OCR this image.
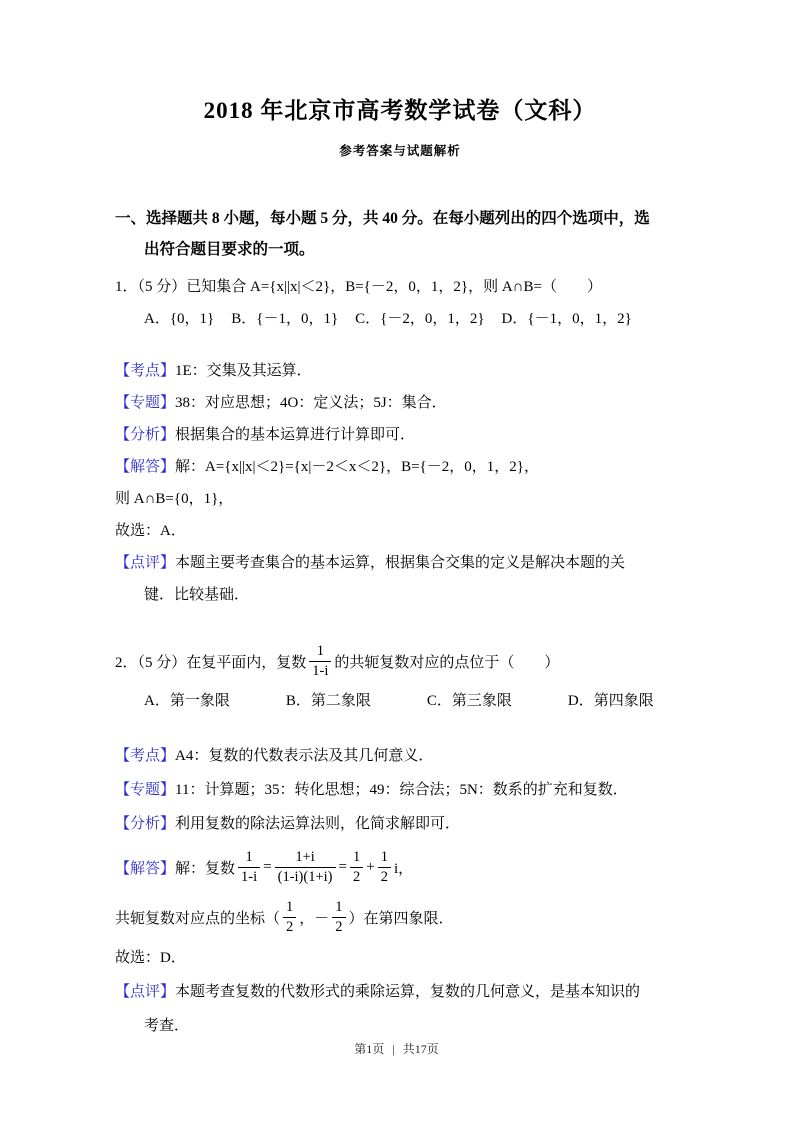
2018 年北京市高考数学试卷（文科）
参考答案与试题解析
一、选择题共 8 小题，每小题 5 分，共 40 分。在每小题列出的四个选项中，选
出符合题目要求的一项。
1．（5 分）已知集合 A={x||x|＜2}，B={－2，0，1，2}，则 A∩B=（　　）
A．{0，1} B．{－1，0，1} C．{－2，0，1，2} D．{－1，0，1，2}
【考点】1E：交集及其运算．
【专题】38：对应思想；4O：定义法；5J：集合．
【分析】根据集合的基本运算进行计算即可．
【解答】解：A={x||x|＜2}={x|－2＜x＜2}，B={－2，0，1，2}，
则 A∩B={0，1}，
故选：A．
【点评】本题主要考查集合的基本运算，根据集合交集的定义是解决本题的关
键．比较基础．
2．（5 分）在复平面内，复数 $\frac{1}{1-i}$ 的共轭复数对应的点位于（　　）
A．第一象限	B．第二象限	C．第三象限	D．第四象限
【考点】A4：复数的代数表示法及其几何意义．
【专题】11：计算题；35：转化思想；49：综合法；5N：数系的扩充和复数．
【分析】利用复数的除法运算法则，化简求解即可．
【解答】 解：复数 $\frac{1}{1-i} = \frac{1+i}{(1-i)(1+i)} = \frac{1}{2} + \frac{1}{2}$ i，
共轭复数对应点的坐标（ $\frac{1}{2}$ ，－ $\frac{1}{2}$ ）在第四象限．
故选：D．
【点评】本题考查复数的代数形式的乘除运算，复数的几何意义，是基本知识的
考查．
第1页 | 共17页
